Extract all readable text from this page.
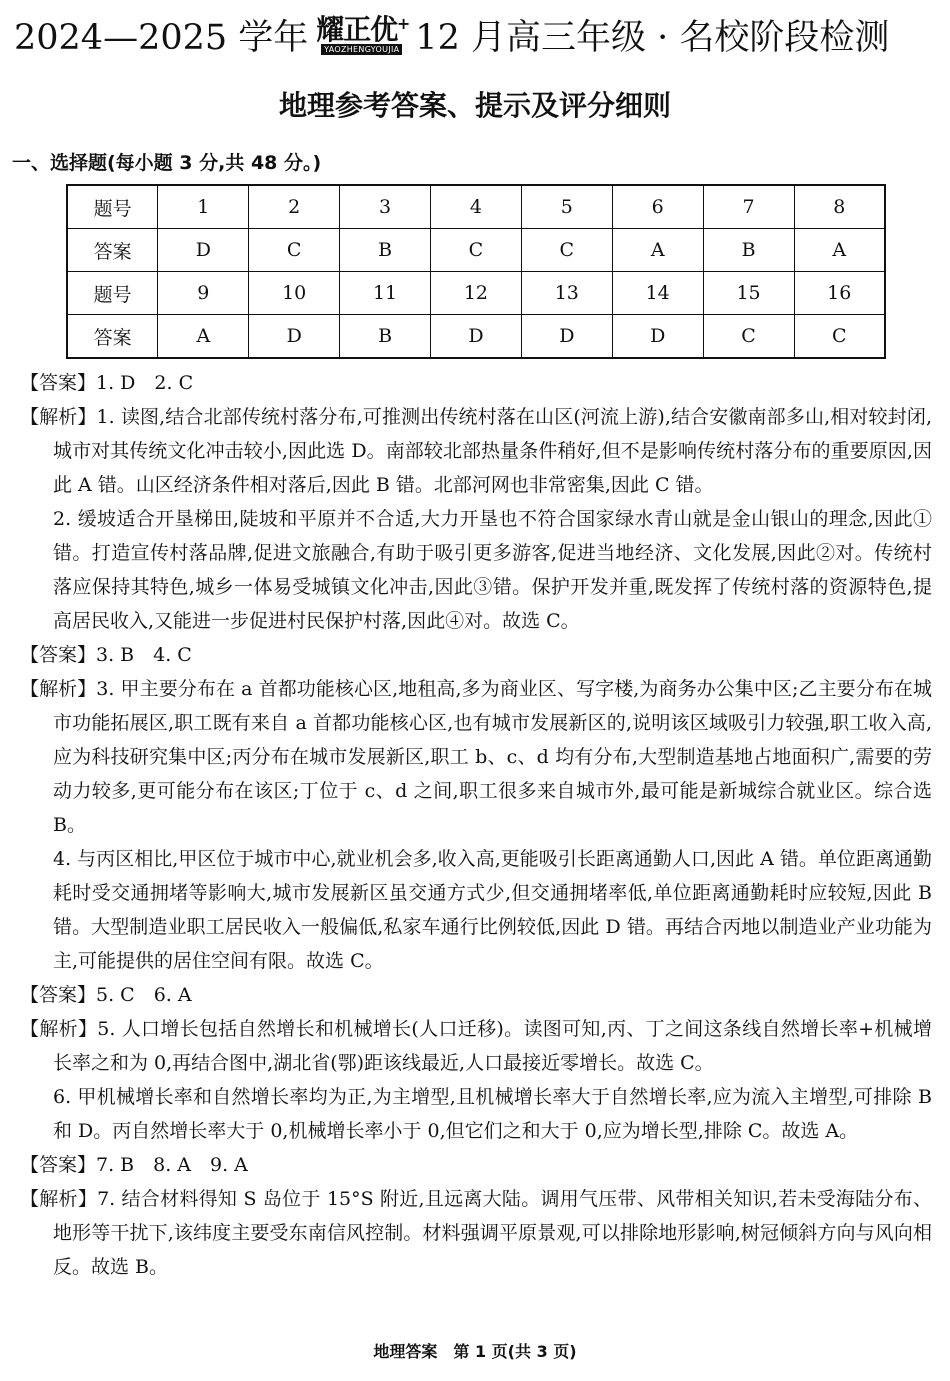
2024—2025 学年 耀正优 +
YAOZHENGYOUJIA 12 月高三年级 · 名校阶段检测
地理参考答案、提示及评分细则
一、选择题(每小题 3 分,共 48 分。)
题号	1	2	3	4	5	6	7	8
答案	D	C	B	C	C	A	B	A
题号	9	10	11	12	13	14	15	16
答案	A	D	B	D	D	D	C	C

【答案】1. D　2. C

【解析】1. 读图,结合北部传统村落分布,可推测出传统村落在山区(河流上游),结合安徽南部多山,相对较封闭,城市对其传统文化冲击较小,因此选 D。南部较北部热量条件稍好,但不是影响传统村落分布的重要原因,因此 A 错。山区经济条件相对落后,因此 B 错。北部河网也非常密集,因此 C 错。

2. 缓坡适合开垦梯田,陡坡和平原并不合适,大力开垦也不符合国家绿水青山就是金山银山的理念,因此①错。打造宣传村落品牌,促进文旅融合,有助于吸引更多游客,促进当地经济、文化发展,因此②对。传统村落应保持其特色,城乡一体易受城镇文化冲击,因此③错。保护开发并重,既发挥了传统村落的资源特色,提高居民收入,又能进一步促进村民保护村落,因此④对。故选 C。

【答案】3. B　4. C

【解析】3. 甲主要分布在 a 首都功能核心区,地租高,多为商业区、写字楼,为商务办公集中区;乙主要分布在城市功能拓展区,职工既有来自 a 首都功能核心区,也有城市发展新区的,说明该区域吸引力较强,职工收入高,应为科技研究集中区;丙分布在城市发展新区,职工 b、c、d 均有分布,大型制造基地占地面积广,需要的劳动力较多,更可能分布在该区;丁位于 c、d 之间,职工很多来自城市外,最可能是新城综合就业区。综合选 B。

4. 与丙区相比,甲区位于城市中心,就业机会多,收入高,更能吸引长距离通勤人口,因此 A 错。单位距离通勤耗时受交通拥堵等影响大,城市发展新区虽交通方式少,但交通拥堵率低,单位距离通勤耗时应较短,因此 B 错。大型制造业职工居民收入一般偏低,私家车通行比例较低,因此 D 错。再结合丙地以制造业产业功能为主,可能提供的居住空间有限。故选 C。

【答案】5. C　6. A

【解析】5. 人口增长包括自然增长和机械增长(人口迁移)。读图可知,丙、丁之间这条线自然增长率+机械增长率之和为 0,再结合图中,湖北省(鄂)距该线最近,人口最接近零增长。故选 C。

6. 甲机械增长率和自然增长率均为正,为主增型,且机械增长率大于自然增长率,应为流入主增型,可排除 B 和 D。丙自然增长率大于 0,机械增长率小于 0,但它们之和大于 0,应为增长型,排除 C。故选 A。

【答案】7. B　8. A　9. A

【解析】7. 结合材料得知 S 岛位于 15°S 附近,且远离大陆。调用气压带、风带相关知识,若未受海陆分布、地形等干扰下,该纬度主要受东南信风控制。材料强调平原景观,可以排除地形影响,树冠倾斜方向与风向相反。故选 B。

地理答案　第 1 页(共 3 页)
